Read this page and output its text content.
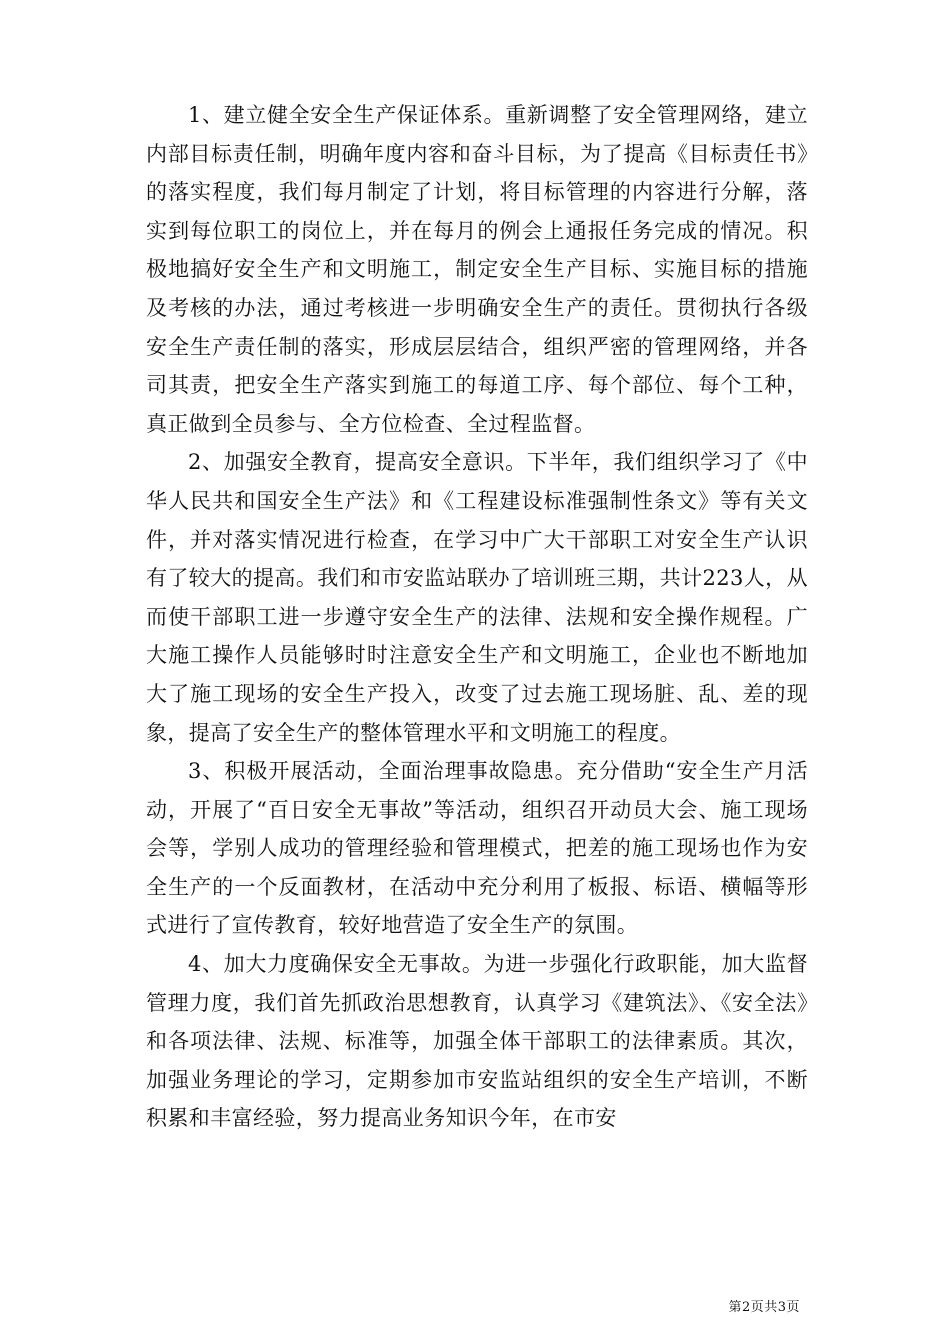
1、建立健全安全生产保证体系。重新调整了安全管理网络，建立内部目标责任制，明确年度内容和奋斗目标，为了提高《目标责任书》的落实程度，我们每月制定了计划，将目标管理的内容进行分解，落实到每位职工的岗位上，并在每月的例会上通报任务完成的情况。积极地搞好安全生产和文明施工，制定安全生产目标、实施目标的措施及考核的办法，通过考核进一步明确安全生产的责任。贯彻执行各级安全生产责任制的落实，形成层层结合，组织严密的管理网络，并各司其责，把安全生产落实到施工的每道工序、每个部位、每个工种，真正做到全员参与、全方位检查、全过程监督。

2、加强安全教育，提高安全意识。下半年，我们组织学习了《中华人民共和国安全生产法》和《工程建设标准强制性条文》等有关文件，并对落实情况进行检查，在学习中广大干部职工对安全生产认识有了较大的提高。我们和市安监站联办了培训班三期，共计223人，从而使干部职工进一步遵守安全生产的法律、法规和安全操作规程。广大施工操作人员能够时时注意安全生产和文明施工，企业也不断地加大了施工现场的安全生产投入，改变了过去施工现场脏、乱、差的现象，提高了安全生产的整体管理水平和文明施工的程度。

3、积极开展活动，全面治理事故隐患。充分借助“安全生产月活动，开展了“百日安全无事故”等活动，组织召开动员大会、施工现场会等，学别人成功的管理经验和管理模式，把差的施工现场也作为安全生产的一个反面教材，在活动中充分利用了板报、标语、横幅等形式进行了宣传教育，较好地营造了安全生产的氛围。

4、加大力度确保安全无事故。为进一步强化行政职能，加大监督管理力度，我们首先抓政治思想教育，认真学习《建筑法》、《安全法》和各项法律、法规、标准等，加强全体干部职工的法律素质。其次，加强业务理论的学习，定期参加市安监站组织的安全生产培训，不断积累和丰富经验，努力提高业务知识今年，在市安

第2页共3页
